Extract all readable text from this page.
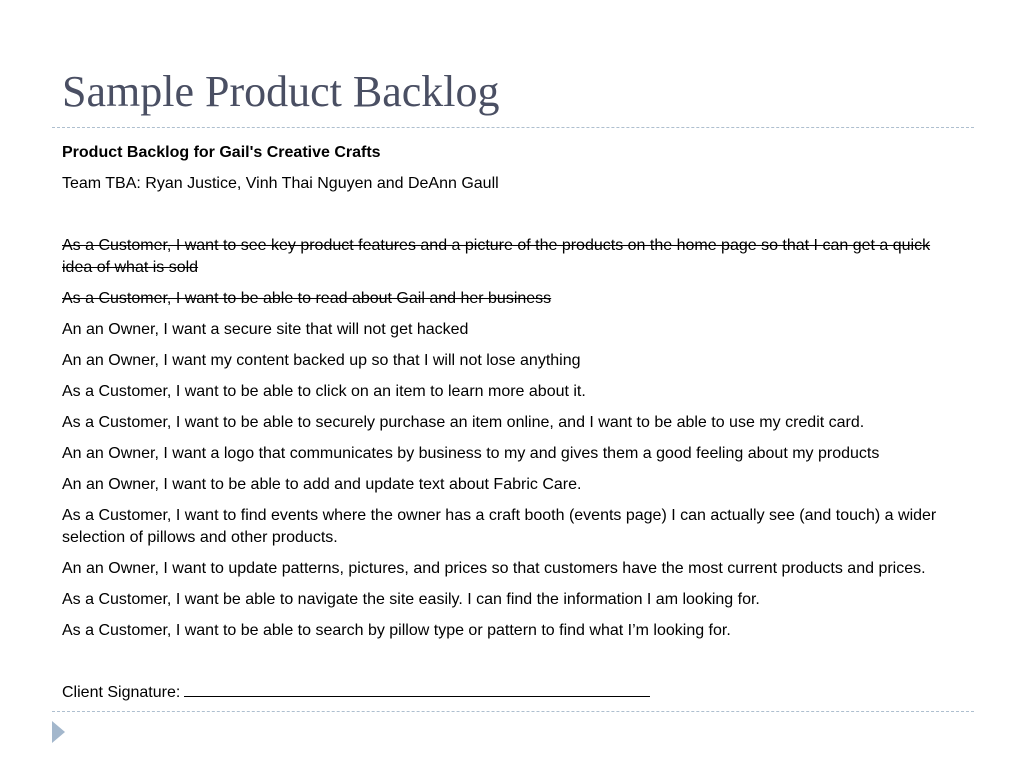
Sample Product Backlog

Product Backlog for Gail's Creative Crafts

Team TBA: Ryan Justice, Vinh Thai Nguyen and DeAnn Gaull

As a Customer, I want to see key product features and a picture of the products on the home page so that I can get a quick idea of what is sold

As a Customer, I want to be able to read about Gail and her business

An an Owner, I want a secure site that will not get hacked

An an Owner, I want my content backed up so that I will not lose anything

As a Customer, I want to be able to click on an item to learn more about it.

As a Customer, I want to be able to securely purchase an item online, and I want to be able to use my credit card.

An an Owner, I want a logo that communicates by business to my and gives them a good feeling about my products

An an Owner, I want to be able to add and update text about Fabric Care.

As a Customer, I want to find events where the owner has a craft booth (events page) I can actually see (and touch) a wider selection of pillows and other products.

An an Owner, I want to update patterns, pictures, and prices so that customers have the most current products and prices.

As a Customer, I want be able to navigate the site easily. I can find the information I am looking for.

As a Customer, I want to be able to search by pillow type or pattern to find what I’m looking for.

Client Signature:
